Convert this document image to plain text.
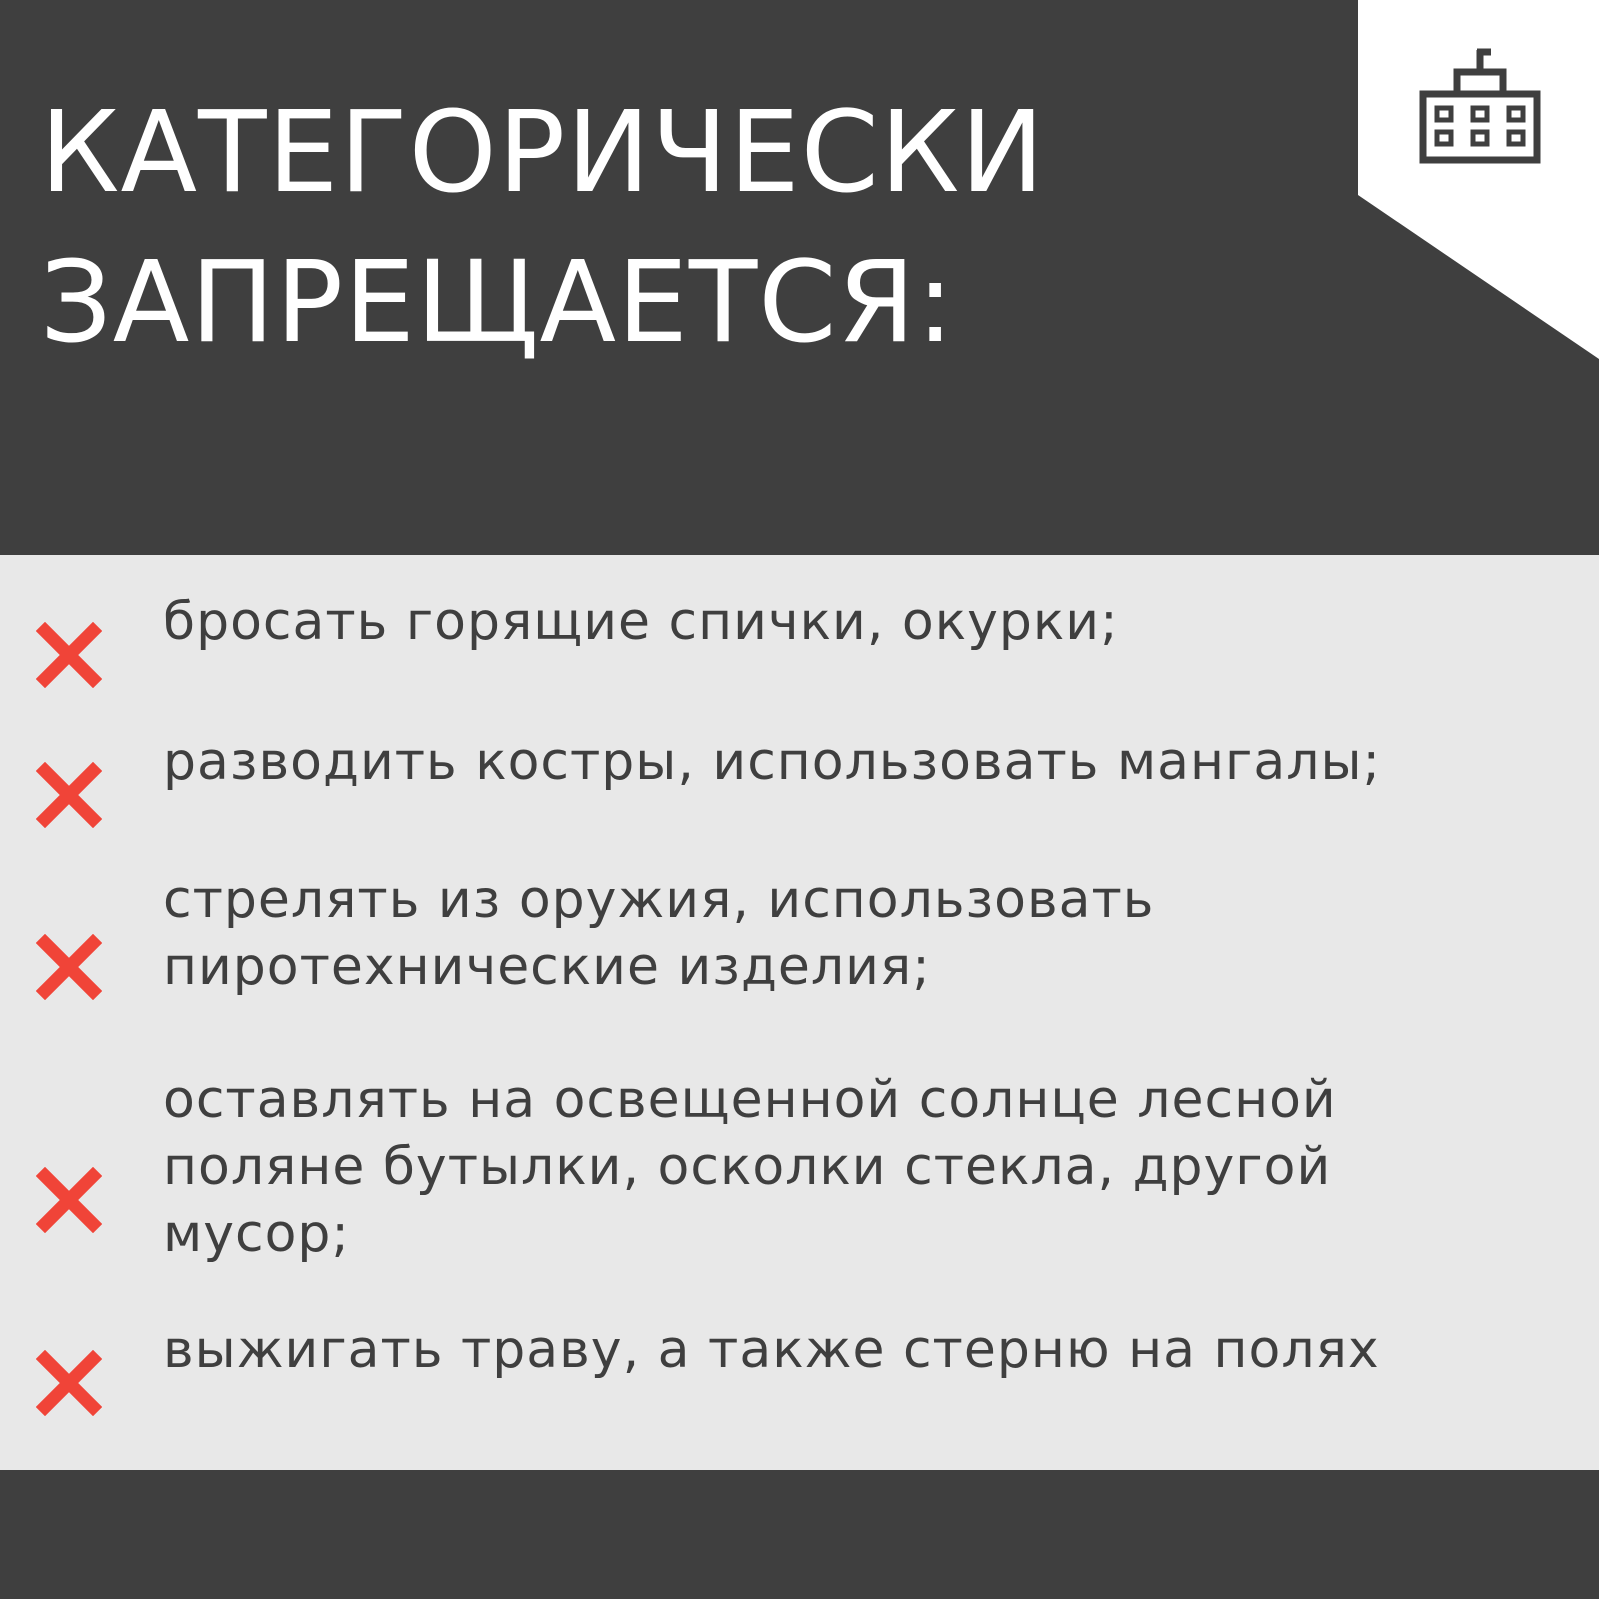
КАТЕГОРИЧЕСКИ
ЗАПРЕЩАЕТСЯ:

бросать горящие спички, окурки;

разводить костры, использовать мангалы;

стрелять из оружия, использовать пиротехнические изделия;

оставлять на освещенной солнце лесной поляне бутылки, осколки стекла, другой мусор;

выжигать траву, а также стерню на полях
